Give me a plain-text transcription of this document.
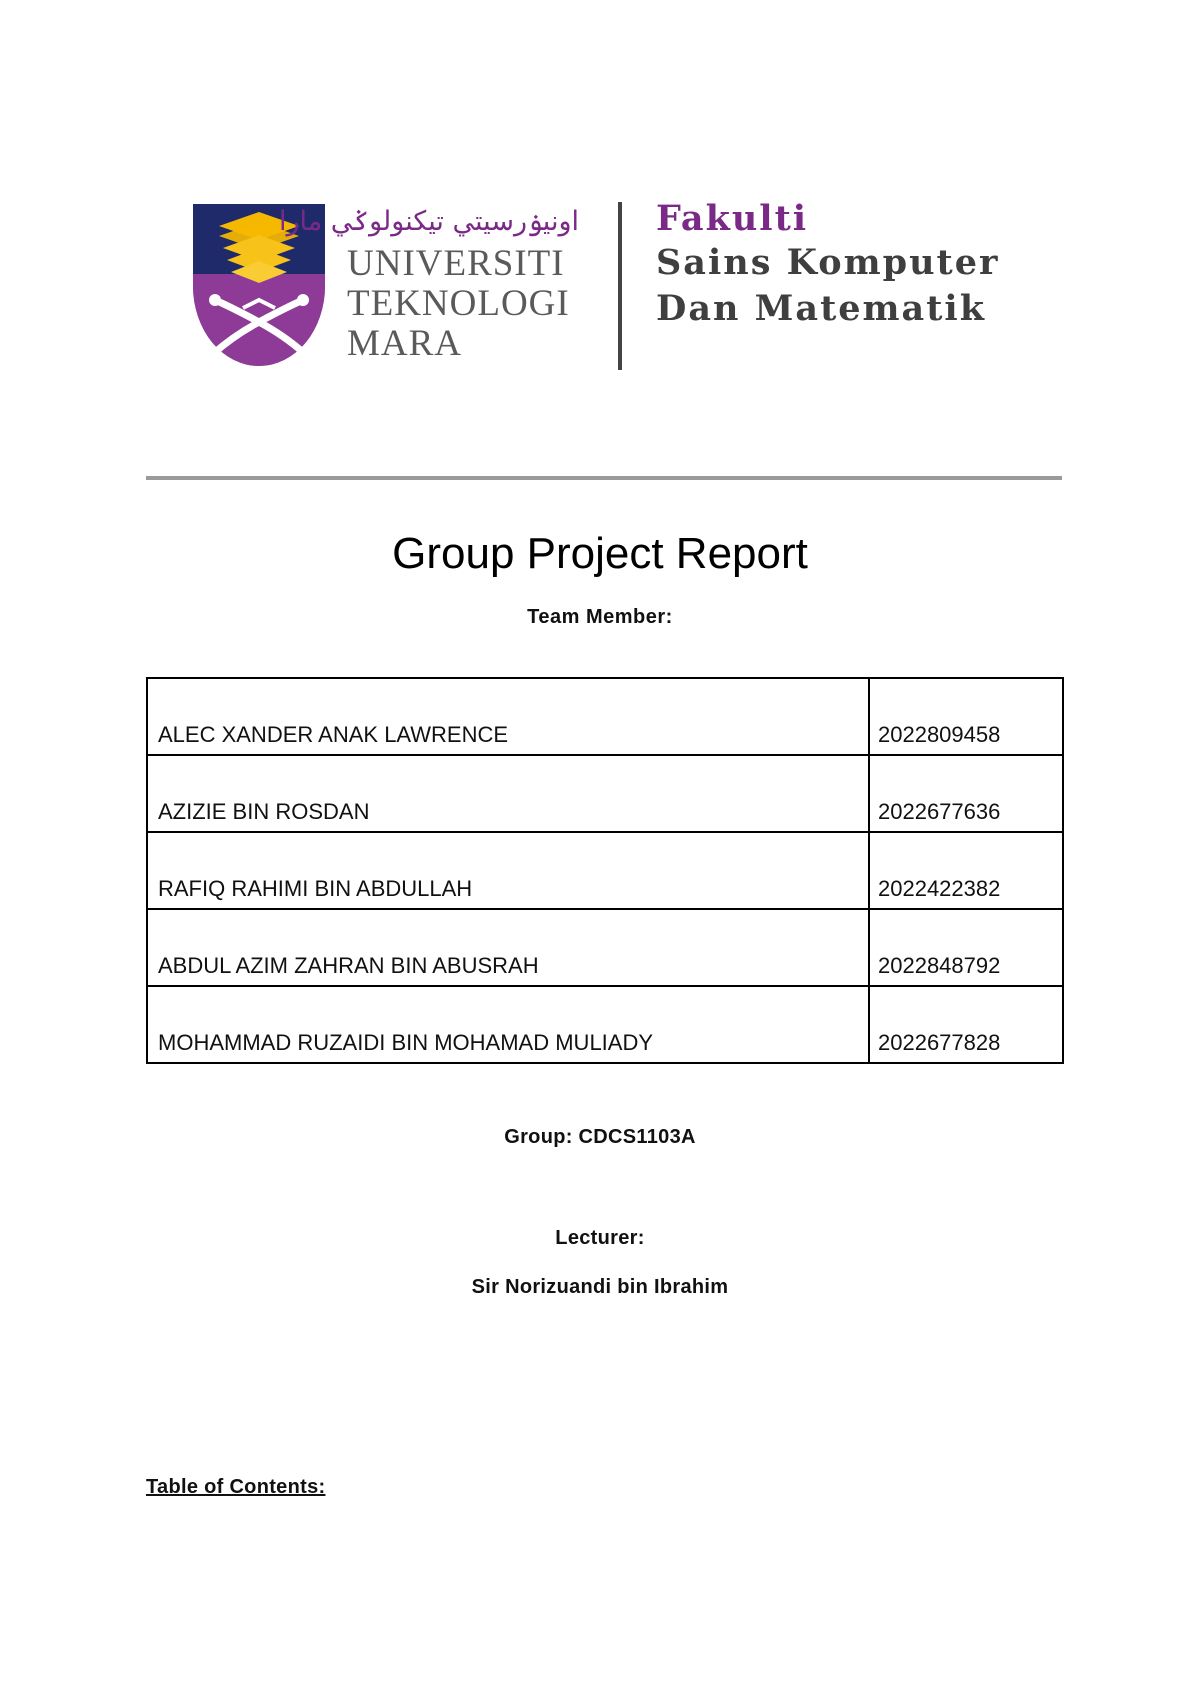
اونيۏرسيتي تيكنولوݢي مارا
UNIVERSITI
TEKNOLOGI
MARA
Fakulti
Sains Komputer
Dan Matematik
Group Project Report
Team Member:
ALEC XANDER ANAK LAWRENCE	2022809458
AZIZIE BIN ROSDAN	2022677636
RAFIQ RAHIMI BIN ABDULLAH	2022422382
ABDUL AZIM ZAHRAN BIN ABUSRAH	2022848792
MOHAMMAD RUZAIDI BIN MOHAMAD MULIADY	2022677828
Group: CDCS1103A
Lecturer:
Sir Norizuandi bin Ibrahim
Table of Contents:
